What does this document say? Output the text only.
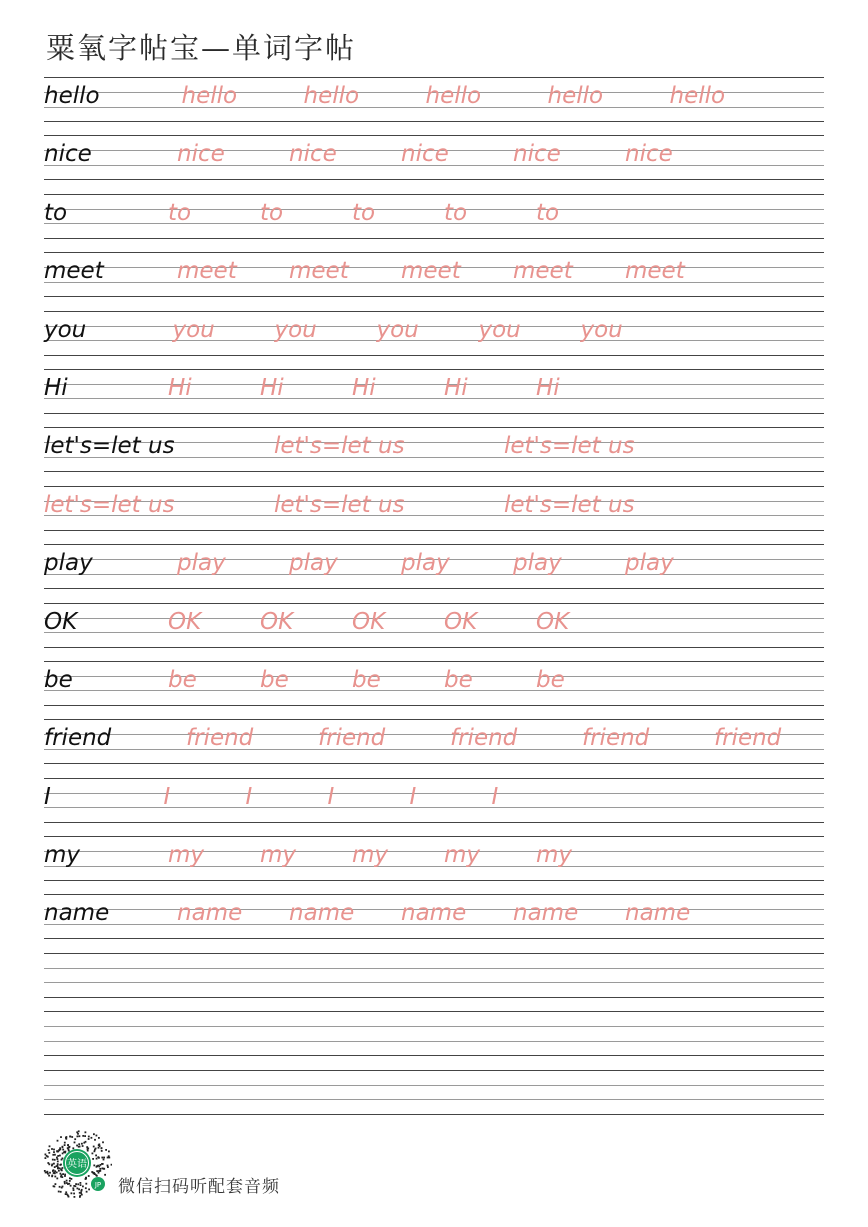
粟氧字帖宝—单词字帖
hello	hello	hello	hello	hello	hello
nice	nice	nice	nice	nice	nice
to	to	to	to	to	to
meet	meet meet meet meet meet
you	you	you	you	you	you
Hi	Hi	Hi	Hi	Hi	Hi
let's=let us	let's=let us	let's=let us
let's=let us	let's=let us	let's=let us
play	play	play	play	play	play
OK	OK	OK	OK	OK	OK
be	be	be	be	be	be
friend	friend	friend	friend	friend	friend
I	I	I	I	I	I
my	my my my my my
name	name name name name name
英语
JP 微信扫码听配套音频
